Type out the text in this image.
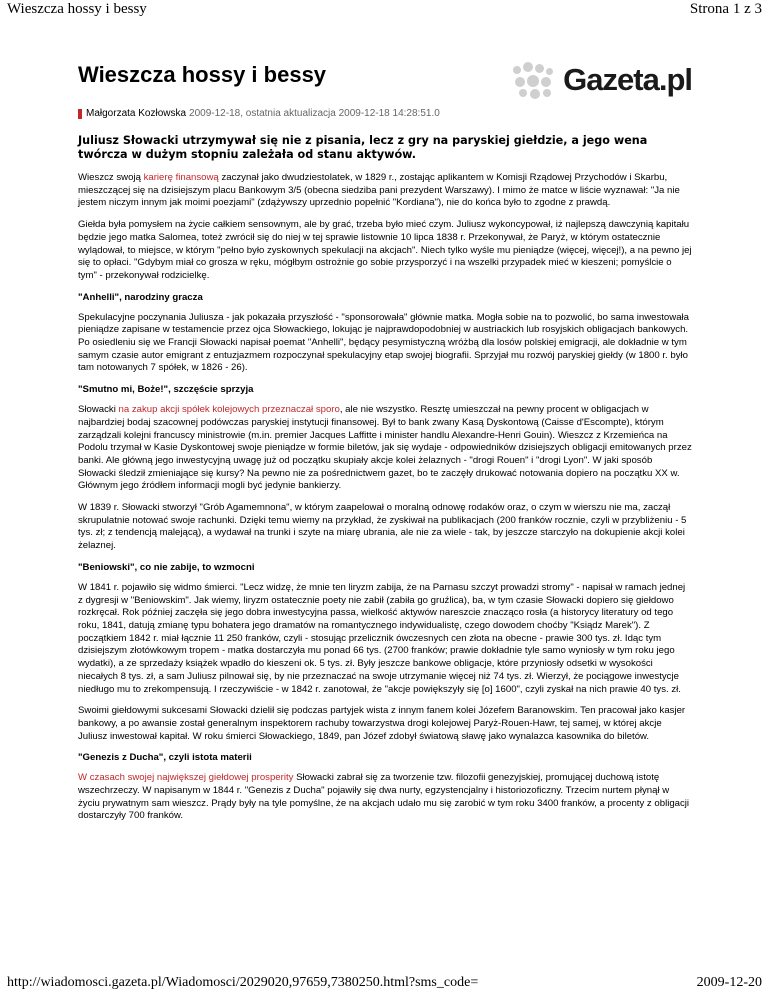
Wieszcza hossy i bessy	Strona 1 z 3
Wieszcza hossy i bessy	Gazeta.pl
Małgorzata Kozłowska 2009-12-18, ostatnia aktualizacja 2009-12-18 14:28:51.0

Juliusz Słowacki utrzymywał się nie z pisania, lecz z gry na paryskiej giełdzie, a jego wena twórcza w dużym stopniu zależała od stanu aktywów.

Wieszcz swoją karierę finansową zaczynał jako dwudziestolatek, w 1829 r., zostając aplikantem w Komisji Rządowej Przychodów i Skarbu, mieszczącej się na dzisiejszym placu Bankowym 3/5 (obecna siedziba pani prezydent Warszawy). I mimo że matce w liście wyznawał: "Ja nie jestem niczym innym jak moimi poezjami" (zdążywszy uprzednio popełnić "Kordiana"), nie do końca było to zgodne z prawdą.

Giełda była pomysłem na życie całkiem sensownym, ale by grać, trzeba było mieć czym. Juliusz wykoncypował, iż najlepszą dawczynią kapitału będzie jego matka Salomea, toteż zwrócił się do niej w tej sprawie listownie 10 lipca 1838 r. Przekonywał, że Paryż, w którym ostatecznie wylądował, to miejsce, w którym "pełno było zyskownych spekulacji na akcjach". Niech tylko wyśle mu pieniądze (więcej, więcej!), a na pewno jej się to opłaci. "Gdybym miał co grosza w ręku, mógłbym ostrożnie go sobie przysporzyć i na wszelki przypadek mieć w kieszeni; pomyślcie o tym" - przekonywał rodzicielkę.

"Anhelli", narodziny gracza

Spekulacyjne poczynania Juliusza - jak pokazała przyszłość - "sponsorowała" głównie matka. Mogła sobie na to pozwolić, bo sama inwestowała pieniądze zapisane w testamencie przez ojca Słowackiego, lokując je najprawdopodobniej w austriackich lub rosyjskich obligacjach bankowych. Po osiedleniu się we Francji Słowacki napisał poemat "Anhelli", będący pesymistyczną wróżbą dla losów polskiej emigracji, ale dokładnie w tym samym czasie autor emigrant z entuzjazmem rozpoczynał spekulacyjny etap swojej biografii. Sprzyjał mu rozwój paryskiej giełdy (w 1800 r. było tam notowanych 7 spółek, w 1826 - 26).

"Smutno mi, Boże!", szczęście sprzyja

Słowacki na zakup akcji spółek kolejowych przeznaczał sporo, ale nie wszystko. Resztę umieszczał na pewny procent w obligacjach w najbardziej bodaj szacownej podówczas paryskiej instytucji finansowej. Był to bank zwany Kasą Dyskontową (Caisse d'Escompte), którym zarządzali kolejni francuscy ministrowie (m.in. premier Jacques Laffitte i minister handlu Alexandre-Henri Gouin). Wieszcz z Krzemieńca na Podolu trzymał w Kasie Dyskontowej swoje pieniądze w formie biletów, jak się wydaje - odpowiedników dzisiejszych obligacji emitowanych przez banki. Ale główną jego inwestycyjną uwagę już od początku skupiały akcje kolei żelaznych - "drogi Rouen" i "drogi Lyon". W jaki sposób Słowacki śledził zmieniające się kursy? Na pewno nie za pośrednictwem gazet, bo te zaczęły drukować notowania dopiero na początku XX w. Głównym jego źródłem informacji mogli być jedynie bankierzy.

W 1839 r. Słowacki stworzył "Grób Agamemnona", w którym zaapelował o moralną odnowę rodaków oraz, o czym w wierszu nie ma, zaczął skrupulatnie notować swoje rachunki. Dzięki temu wiemy na przykład, że zyskiwał na publikacjach (200 franków rocznie, czyli w przybliżeniu - 5 tys. zł; z tendencją malejącą), a wydawał na trunki i szyte na miarę ubrania, ale nie za wiele - tak, by jeszcze starczyło na dokupienie akcji kolei żelaznej.

"Beniowski", co nie zabije, to wzmocni

W 1841 r. pojawiło się widmo śmierci. "Lecz widzę, że mnie ten liryzm zabija, że na Parnasu szczyt prowadzi stromy" - napisał w ramach jednej z dygresji w "Beniowskim". Jak wiemy, liryzm ostatecznie poety nie zabił (zabiła go gruźlica), ba, w tym czasie Słowacki dopiero się giełdowo rozkręcał. Rok później zaczęła się jego dobra inwestycyjna passa, wielkość aktywów nareszcie znacząco rosła (a historycy literatury od tego roku, 1841, datują zmianę typu bohatera jego dramatów na romantycznego indywidualistę, czego dowodem choćby "Ksiądz Marek"). Z początkiem 1842 r. miał łącznie 11 250 franków, czyli - stosując przelicznik ówczesnych cen złota na obecne - prawie 300 tys. zł. Idąc tym dzisiejszym złotówkowym tropem - matka dostarczyła mu ponad 66 tys. (2700 franków; prawie dokładnie tyle samo wyniosły w tym roku jego wydatki), a ze sprzedaży książek wpadło do kieszeni ok. 5 tys. zł. Były jeszcze bankowe obligacje, które przyniosły odsetki w wysokości niecałych 8 tys. zł, a sam Juliusz pilnował się, by nie przeznaczać na swoje utrzymanie więcej niż 74 tys. zł. Wierzył, że pociągowe inwestycje niedługo mu to zrekompensują. I rzeczywiście - w 1842 r. zanotował, że "akcje powiększyły się [o] 1600", czyli zyskał na nich prawie 40 tys. zł.

Swoimi giełdowymi sukcesami Słowacki dzielił się podczas partyjek wista z innym fanem kolei Józefem Baranowskim. Ten pracował jako kasjer bankowy, a po awansie został generalnym inspektorem rachuby towarzystwa drogi kolejowej Paryż-Rouen-Hawr, tej samej, w której akcje Juliusz inwestował kapitał. W roku śmierci Słowackiego, 1849, pan Józef zdobył światową sławę jako wynalazca kasownika do biletów.

"Genezis z Ducha", czyli istota materii

W czasach swojej największej giełdowej prosperity Słowacki zabrał się za tworzenie tzw. filozofii genezyjskiej, promującej duchową istotę wszechrzeczy. W napisanym w 1844 r. "Genezis z Ducha" pojawiły się dwa nurty, egzystencjalny i historiozoficzny. Trzecim nurtem płynął w życiu prywatnym sam wieszcz. Prądy były na tyle pomyślne, że na akcjach udało mu się zarobić w tym roku 3400 franków, a procenty z obligacji dostarczyły 700 franków.

http://wiadomosci.gazeta.pl/Wiadomosci/2029020,97659,7380250.html?sms_code=	2009-12-20
